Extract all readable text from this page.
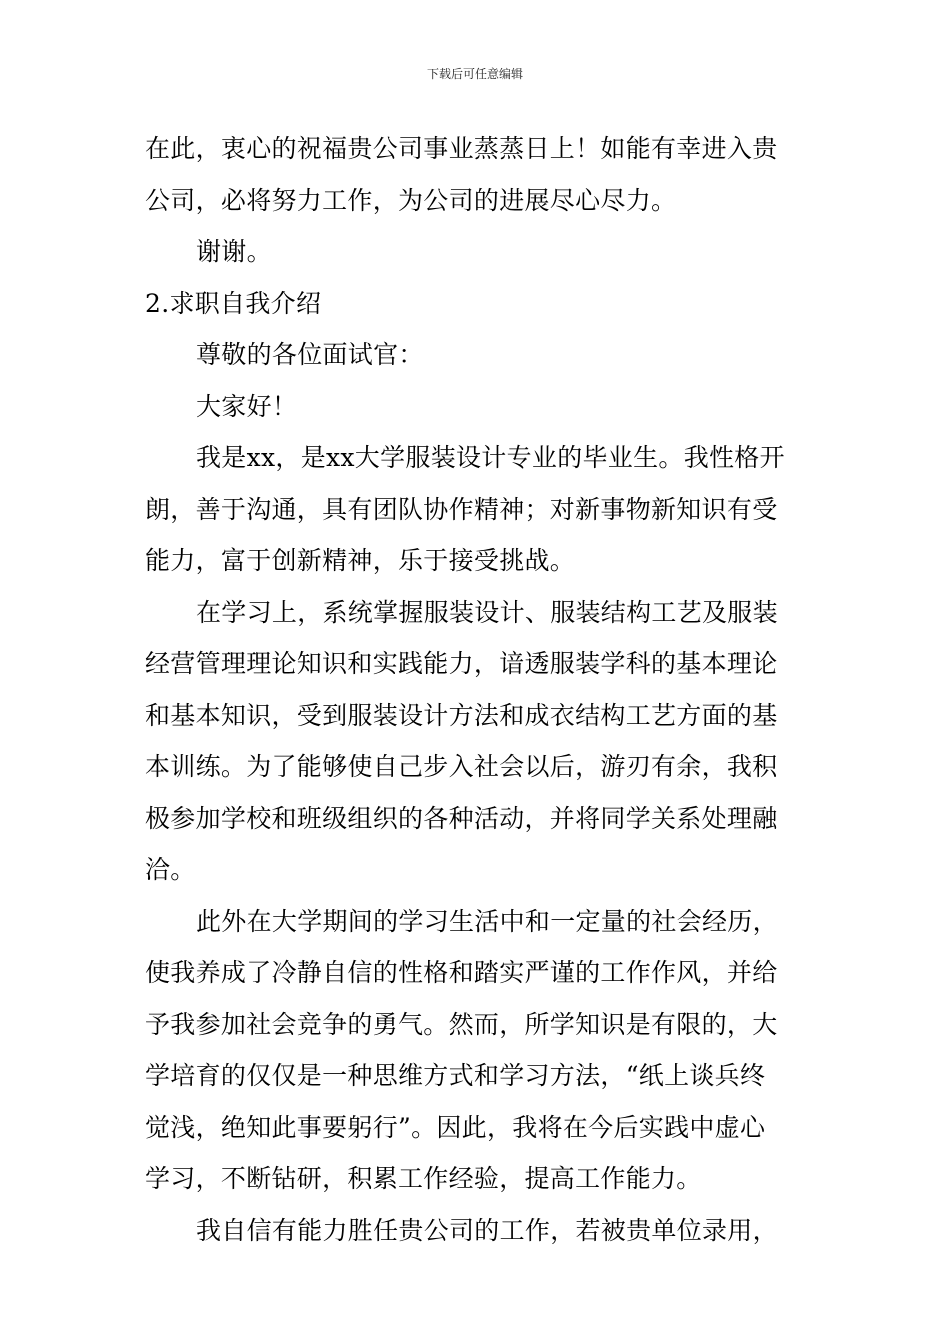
下载后可任意编辑
在此，衷心的祝福贵公司事业蒸蒸日上！如能有幸进入贵
公司，必将努力工作，为公司的进展尽心尽力。
谢谢。
2.求职自我介绍
尊敬的各位面试官：
大家好！
我是xx，是xx大学服装设计专业的毕业生。我性格开
朗，善于沟通，具有团队协作精神；对新事物新知识有受
能力，富于创新精神，乐于接受挑战。
在学习上，系统掌握服装设计、服装结构工艺及服装
经营管理理论知识和实践能力，谙透服装学科的基本理论
和基本知识，受到服装设计方法和成衣结构工艺方面的基
本训练。为了能够使自己步入社会以后，游刃有余，我积
极参加学校和班级组织的各种活动，并将同学关系处理融
洽。
此外在大学期间的学习生活中和一定量的社会经历，
使我养成了冷静自信的性格和踏实严谨的工作作风，并给
予我参加社会竞争的勇气。然而，所学知识是有限的，大
学培育的仅仅是一种思维方式和学习方法，“纸上谈兵终
觉浅，绝知此事要躬行”。因此，我将在今后实践中虚心
学习，不断钻研，积累工作经验，提高工作能力。
我自信有能力胜任贵公司的工作，若被贵单位录用，
